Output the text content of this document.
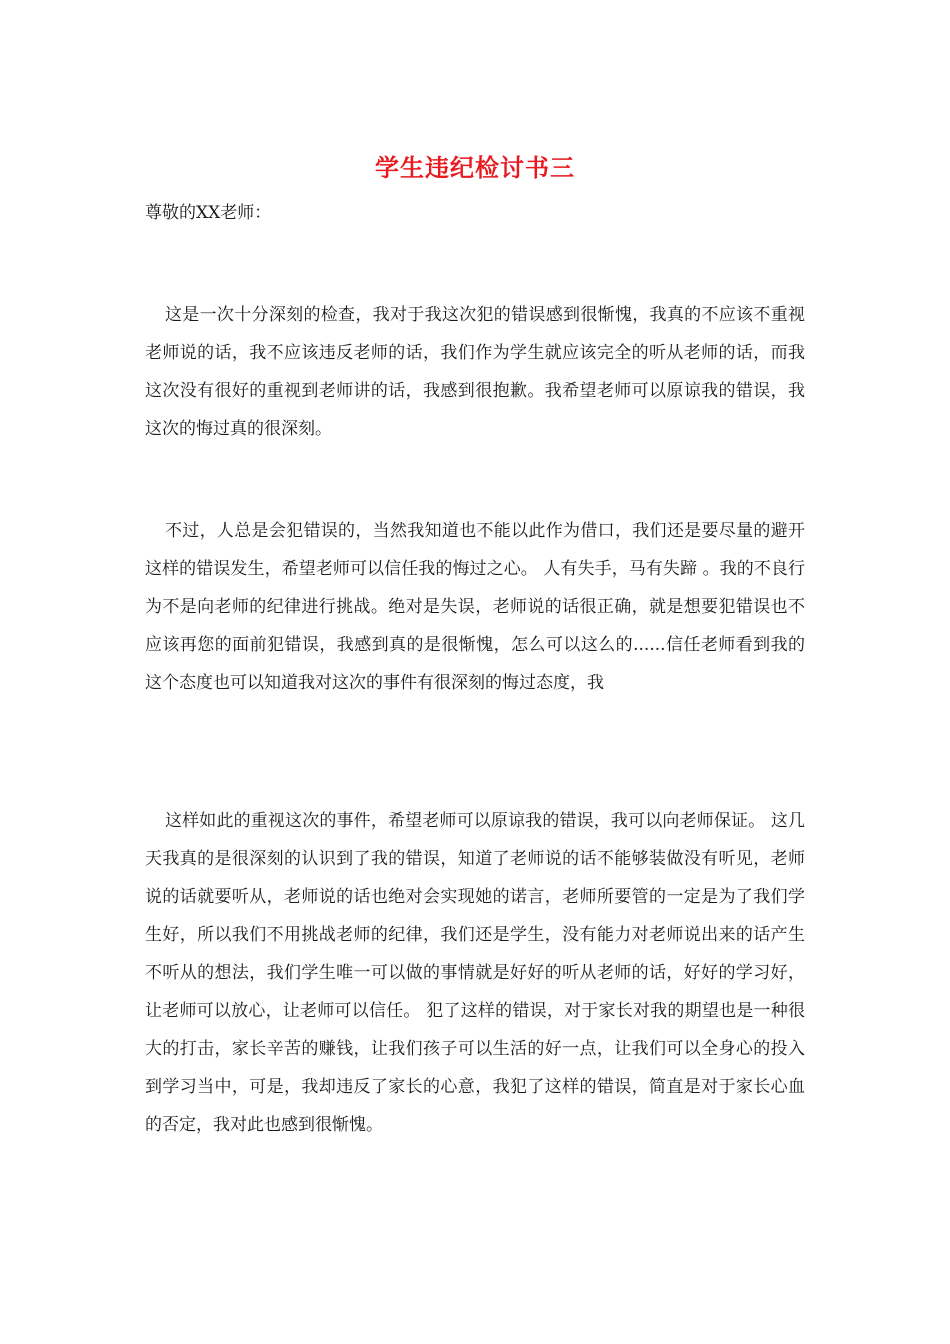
学生违纪检讨书三
尊敬的XX老师：

这是一次十分深刻的检查，我对于我这次犯的错误感到很惭愧，我真的不应该不重视老师说的话，我不应该违反老师的话，我们作为学生就应该完全的听从老师的话，而我这次没有很好的重视到老师讲的话，我感到很抱歉。我希望老师可以原谅我的错误，我这次的悔过真的很深刻。

不过，人总是会犯错误的，当然我知道也不能以此作为借口，我们还是要尽量的避开这样的错误发生，希望老师可以信任我的悔过之心。 人有失手，马有失蹄 。我的不良行为不是向老师的纪律进行挑战。绝对是失误，老师说的话很正确，就是想要犯错误也不应该再您的面前犯错误，我感到真的是很惭愧，怎么可以这么的......信任老师看到我的这个态度也可以知道我对这次的事件有很深刻的悔过态度，我

这样如此的重视这次的事件，希望老师可以原谅我的错误，我可以向老师保证。 这几天我真的是很深刻的认识到了我的错误，知道了老师说的话不能够装做没有听见，老师说的话就要听从，老师说的话也绝对会实现她的诺言，老师所要管的一定是为了我们学生好，所以我们不用挑战老师的纪律，我们还是学生，没有能力对老师说出来的话产生不听从的想法，我们学生唯一可以做的事情就是好好的听从老师的话，好好的学习好，让老师可以放心，让老师可以信任。 犯了这样的错误，对于家长对我的期望也是一种很大的打击，家长辛苦的赚钱，让我们孩子可以生活的好一点，让我们可以全身心的投入到学习当中，可是，我却违反了家长的心意，我犯了这样的错误，简直是对于家长心血的否定，我对此也感到很惭愧。
